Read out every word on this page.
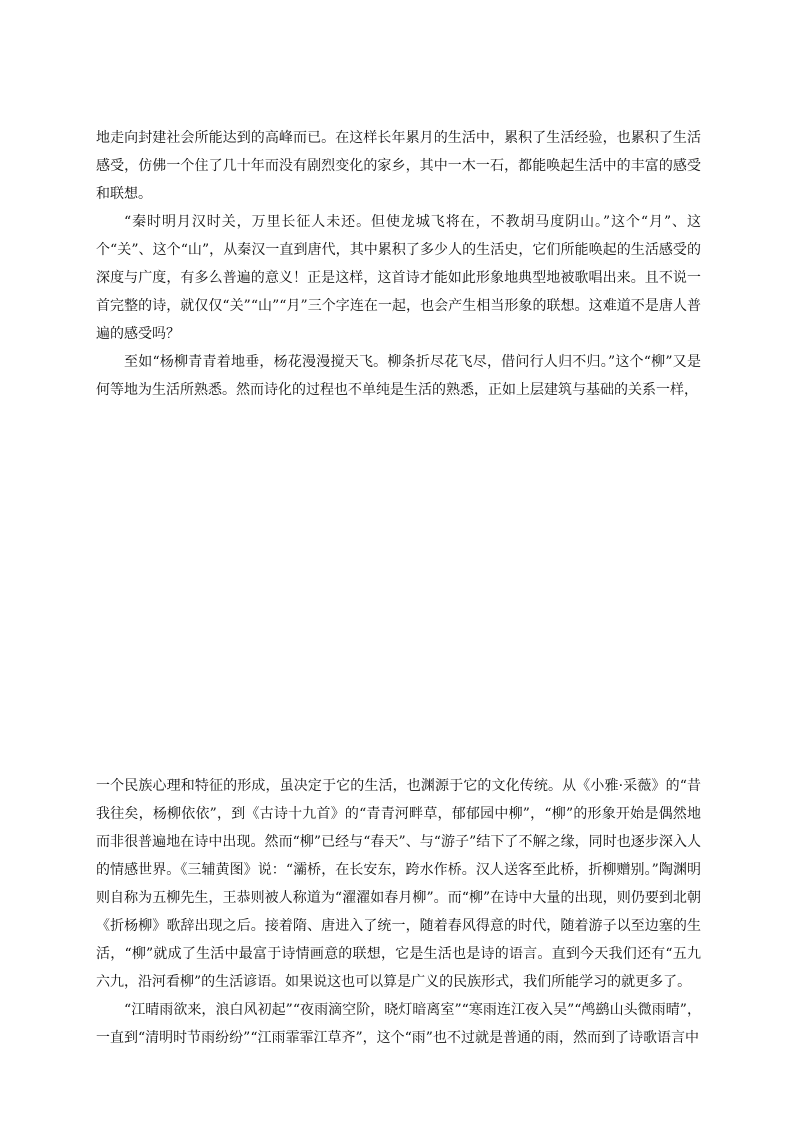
地走向封建社会所能达到的高峰而已。在这样长年累月的生活中，累积了生活经验，也累积了生活感受，仿佛一个住了几十年而没有剧烈变化的家乡，其中一木一石，都能唤起生活中的丰富的感受和联想。

“秦时明月汉时关，万里长征人未还。但使龙城飞将在，不教胡马度阴山。”这个“月”、这个“关”、这个“山”，从秦汉一直到唐代，其中累积了多少人的生活史，它们所能唤起的生活感受的深度与广度，有多么普遍的意义！正是这样，这首诗才能如此形象地典型地被歌唱出来。且不说一首完整的诗，就仅仅“关”“山”“月”三个字连在一起，也会产生相当形象的联想。这难道不是唐人普遍的感受吗？

至如“杨柳青青着地垂，杨花漫漫搅天飞。柳条折尽花飞尽，借问行人归不归。”这个“柳”又是何等地为生活所熟悉。然而诗化的过程也不单纯是生活的熟悉，正如上层建筑与基础的关系一样，

一个民族心理和特征的形成，虽决定于它的生活，也渊源于它的文化传统。从《小雅·采薇》的“昔我往矣，杨柳依依”，到《古诗十九首》的“青青河畔草，郁郁园中柳”，“柳”的形象开始是偶然地而非很普遍地在诗中出现。然而“柳”已经与“春天”、与“游子”结下了不解之缘，同时也逐步深入人的情感世界。《三辅黄图》说：“灞桥，在长安东，跨水作桥。汉人送客至此桥，折柳赠别。”陶渊明则自称为五柳先生，王恭则被人称道为“濯濯如春月柳”。而“柳”在诗中大量的出现，则仍要到北朝《折杨柳》歌辞出现之后。接着隋、唐进入了统一，随着春风得意的时代，随着游子以至边塞的生活，“柳”就成了生活中最富于诗情画意的联想，它是生活也是诗的语言。直到今天我们还有“五九六九，沿河看柳”的生活谚语。如果说这也可以算是广义的民族形式，我们所能学习的就更多了。

“江晴雨欲来，浪白风初起”“夜雨滴空阶，晓灯暗离室”“寒雨连江夜入吴”“鸬鹚山头微雨晴”，一直到“清明时节雨纷纷”“江雨霏霏江草齐”，这个“雨”也不过就是普通的雨，然而到了诗歌语言中
